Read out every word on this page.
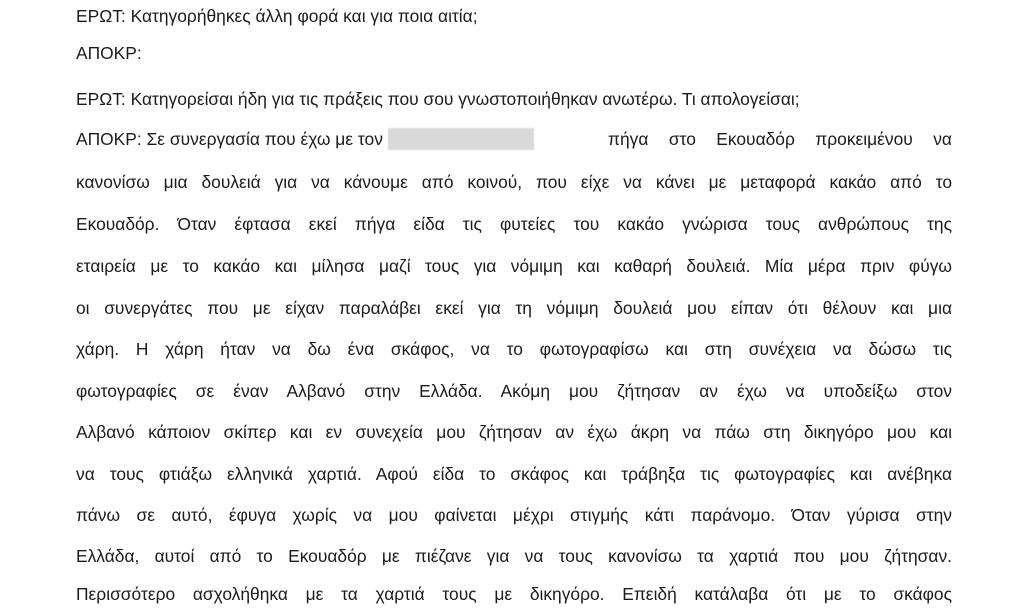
ΕΡΩΤ: Κατηγορήθηκες άλλη φορά και για ποια αιτία;
ΑΠΟΚΡ:
ΕΡΩΤ: Κατηγορείσαι ήδη για τις πράξεις που σου γνωστοποιήθηκαν ανωτέρω. Τι απολογείσαι;
ΑΠΟΚΡ: Σε συνεργασία που έχω με τον	πήγα στο Εκουαδόρ προκειμένου να
κανονίσω μια δουλειά για να κάνουμε από κοινού, που είχε να κάνει με μεταφορά κακάο από το
Εκουαδόρ. Όταν έφτασα εκεί πήγα είδα τις φυτείες του κακάο γνώρισα τους ανθρώπους της
εταιρεία με το κακάο και μίλησα μαζί τους για νόμιμη και καθαρή δουλειά. Μία μέρα πριν φύγω
οι συνεργάτες που με είχαν παραλάβει εκεί για τη νόμιμη δουλειά μου είπαν ότι θέλουν και μια
χάρη. Η χάρη ήταν να δω ένα σκάφος, να το φωτογραφίσω και στη συνέχεια να δώσω τις
φωτογραφίες σε έναν Αλβανό στην Ελλάδα. Ακόμη μου ζήτησαν αν έχω να υποδείξω στον
Αλβανό κάποιον σκίπερ και εν συνεχεία μου ζήτησαν αν έχω άκρη να πάω στη δικηγόρο μου και
να τους φτιάξω ελληνικά χαρτιά. Αφού είδα το σκάφος και τράβηξα τις φωτογραφίες και ανέβηκα
πάνω σε αυτό, έφυγα χωρίς να μου φαίνεται μέχρι στιγμής κάτι παράνομο. Όταν γύρισα στην
Ελλάδα, αυτοί από το Εκουαδόρ με πιέζανε για να τους κανονίσω τα χαρτιά που μου ζήτησαν.
Περισσότερο ασχολήθηκα με τα χαρτιά τους με δικηγόρο. Επειδή κατάλαβα ότι με το σκάφος
